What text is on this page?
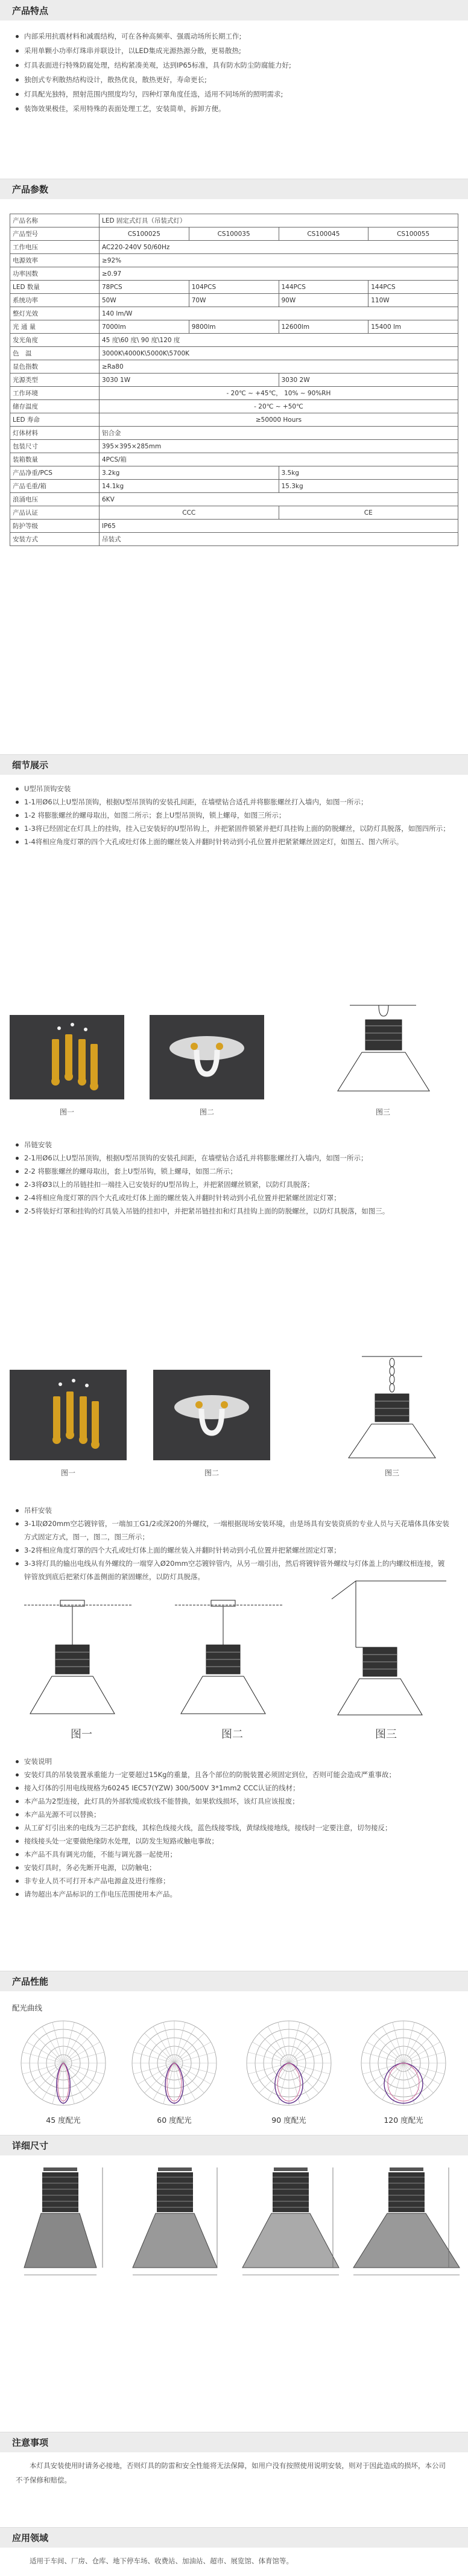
产品特点
内部采用抗震材料和减震结构，可在各种高频率、强震动场所长期工作;
采用单颗小功率灯珠串并联设计，以LED集成光源热源分散，更易散热;
灯具表面进行特殊防腐处理，结构紧凑美观，达到IP65标准，具有防水防尘防腐能力好;
独创式专利散热结构设计，散热优良，散热更好，寿命更长;
灯具配光独特，照射范围内照度均匀，四种灯罩角度任选，适用不同场所的照明需求;
装饰效果极佳，采用特殊的表面处理工艺，安装简单，拆卸方便。
产品参数
产品名称	LED 固定式灯具（吊装式灯）			
产品型号	CS100025	CS100035	CS100045	CS100055
工作电压	AC220-240V 50/60Hz			
电源效率	≥92%			
功率因数	≥0.97			
LED 数量	78PCS	104PCS	144PCS	144PCS
系统功率	50W	70W	90W	110W
整灯光效	140 lm/W			
光 通 量	7000lm	9800lm	12600lm	15400 lm
发光角度	45 度\60 度\ 90 度\120 度			
色　温	3000K\4000K\5000K\5700K			
显色指数	≥Ra80			
光源类型	3030 1W		3030 2W	
工作环境	- 20℃ ~ +45℃， 10% ~ 90%RH			
储存温度	- 20℃ ~ +50℃			
LED 寿命	≥50000 Hours			
灯体材料	铝合金			
包装尺寸	395×395×285mm			
装箱数量	4PCS/箱			
产品净重/PCS	3.2kg		3.5kg	
产品毛重/箱	14.1kg		15.3kg	
浪涌电压	6KV			
产品认证	CCC		CE	
防护等级	IP65			
安装方式	吊装式			
细节展示

U型吊顶钩安装

1-1用Ø6以上U型吊顶钩，根据U型吊顶钩的安装孔间距，在墙壁钻合适孔并将膨胀螺丝打入墙内，如图一所示；

1-2 将膨胀螺丝的螺母取出，如图二所示；套上U型吊顶钩，锁上螺母，如图三所示；

1-3将已经固定在灯具上的挂钩，挂入已安装好的U型吊钩上，并把紧固件锁紧并把灯具挂钩上面的防脱螺丝，以防灯具脱落，如图四所示；

1-4将相应角度灯罩的四个大孔或吐灯体上面的螺丝装入并翻时针转动到小孔位置并把紧紧螺丝固定灯，如图五、图六所示。

图一	图二	图三

吊链安装

2-1用Ø6以上U型吊顶钩，根据U型吊顶钩的安装孔间距，在墙壁钻合适孔并将膨胀螺丝打入墙内，如图一所示；

2-2 将膨胀螺丝的螺母取出，套上U型吊钩，锁上螺母，如图二所示；

2-3将Ø3以上的吊链挂扣一端挂入已安装好的U型吊钩上，并把紧固螺丝锁紧，以防灯具脱落；

2-4将相应角度灯罩的四个大孔或吐灯体上面的螺丝装入并翻时针转动到小孔位置并把紧螺丝固定灯罩；

2-5将装好灯罩和挂钩的灯具装入吊链的挂扣中，并把紧吊链挂扣和灯具挂钩上面的防脱螺丝，以防灯具脱落，如图三。

图一	图二	图三

吊杆安装

3-1取Ø20mm空芯镀锌管，一端加工G1/2或深20的外螺纹，一端根据现场安装环境，由是场具有安装资质的专业人员与天花墙体具体安装方式固定方式，图一，图二，图三所示；

3-2将相应角度灯罩的四个大孔或吐灯体上面的螺丝装入并翻时针转动到小孔位置并把紧螺丝固定灯罩；

3-3将灯具的输出电线从有外螺纹的一端穿入Ø20mm空芯镀锌管内，从另一端引出，然后将镀锌管外螺纹与灯体盖上的内螺纹相连接，镀锌管放到底后把紧灯体盖侧面的紧固螺丝，以防灯具脱落。

图一	图二	图三

安装说明

安装灯具的吊装装置承重能力一定要超过15Kg的重量，且各个部位的防脱装置必须固定到位，否则可能会造成严重事故；

接入灯体的引用电线规格为60245 IEC57(YZW) 300/500V 3*1mm2 CCC认证的线材；

本产品为2型连接，此灯具的外部软缆或软线不能替换，如果软线损坏，该灯具应该报废；

本产品光源不可以替换；

从工矿灯引出来的电线为三芯护套线，其棕色线接火线，蓝色线接零线，黄绿线接地线，接线时一定要注意，切勿接反；

接线接头处一定要做绝缘防水处理，以防发生短路或触电事故；

本产品不具有调光功能，不能与调光器一起使用；

安装灯具时，务必先断开电源，以防触电；

非专业人员不可打开本产品电源盒及进行维修；

请勿超出本产品标识的工作电压范围使用本产品。

产品性能
配光曲线
45 度配光	60 度配光	90 度配光	120 度配光
详细尺寸
注意事项
本灯具安装使用时请务必接地，否则灯具的防雷和安全性能将无法保障，如用户没有按照使用说明安装，则对于因此造成的损坏，本公司不予保修和赔偿。
应用领域
适用于车间、厂房、仓库、地下停车场、收费站、加油站、超市、展览馆、体育馆等。
